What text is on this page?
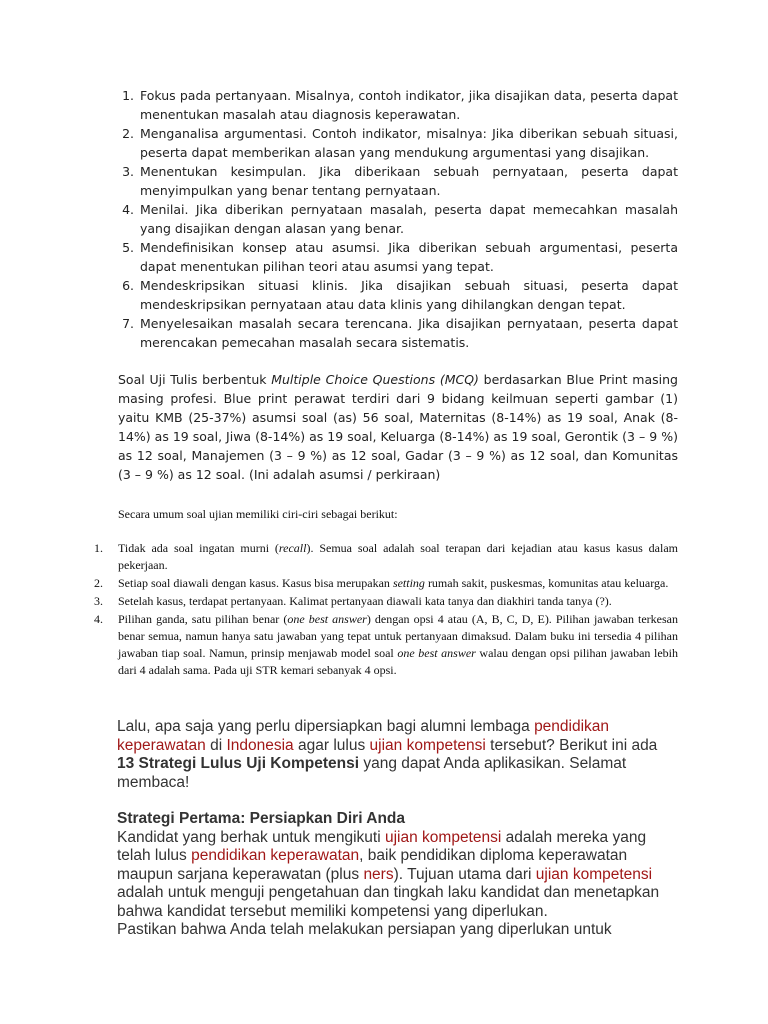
1. Fokus pada pertanyaan. Misalnya, contoh indikator, jika disajikan data, peserta dapat menentukan masalah atau diagnosis keperawatan.
2. Menganalisa argumentasi. Contoh indikator, misalnya: Jika diberikan sebuah situasi, peserta dapat memberikan alasan yang mendukung argumentasi yang disajikan.
3. Menentukan kesimpulan. Jika diberikaan sebuah pernyataan, peserta dapat menyimpulkan yang benar tentang pernyataan.
4. Menilai. Jika diberikan pernyataan masalah, peserta dapat memecahkan masalah yang disajikan dengan alasan yang benar.
5. Mendefinisikan konsep atau asumsi. Jika diberikan sebuah argumentasi, peserta dapat menentukan pilihan teori atau asumsi yang tepat.
6. Mendeskripsikan situasi klinis. Jika disajikan sebuah situasi, peserta dapat mendeskripsikan pernyataan atau data klinis yang dihilangkan dengan tepat.
7. Menyelesaikan masalah secara terencana. Jika disajikan pernyataan, peserta dapat merencakan pemecahan masalah secara sistematis.

Soal Uji Tulis berbentuk Multiple Choice Questions (MCQ) berdasarkan Blue Print masing masing profesi. Blue print perawat terdiri dari 9 bidang keilmuan seperti gambar (1) yaitu KMB (25-37%) asumsi soal (as) 56 soal, Maternitas (8-14%) as 19 soal, Anak (8-14%) as 19 soal, Jiwa (8-14%) as 19 soal, Keluarga (8-14%) as 19 soal, Gerontik (3 – 9 %) as 12 soal, Manajemen (3 – 9 %) as 12 soal, Gadar (3 – 9 %) as 12 soal, dan Komunitas (3 – 9 %) as 12 soal. (Ini adalah asumsi / perkiraan)

Secara umum soal ujian memiliki ciri-ciri sebagai berikut:
1. Tidak ada soal ingatan murni (recall). Semua soal adalah soal terapan dari kejadian atau kasus kasus dalam pekerjaan.
2. Setiap soal diawali dengan kasus. Kasus bisa merupakan setting rumah sakit, puskesmas, komunitas atau keluarga.
3. Setelah kasus, terdapat pertanyaan. Kalimat pertanyaan diawali kata tanya dan diakhiri tanda tanya (?).
4. Pilihan ganda, satu pilihan benar (one best answer) dengan opsi 4 atau (A, B, C, D, E). Pilihan jawaban terkesan benar semua, namun hanya satu jawaban yang tepat untuk pertanyaan dimaksud. Dalam buku ini tersedia 4 pilihan jawaban tiap soal. Namun, prinsip menjawab model soal one best answer walau dengan opsi pilihan jawaban lebih dari 4 adalah sama. Pada uji STR kemari sebanyak 4 opsi.

Lalu, apa saja yang perlu dipersiapkan bagi alumni lembaga pendidikan keperawatan di Indonesia agar lulus ujian kompetensi tersebut? Berikut ini ada 13 Strategi Lulus Uji Kompetensi yang dapat Anda aplikasikan. Selamat membaca!

Strategi Pertama: Persiapkan Diri Anda

Kandidat yang berhak untuk mengikuti ujian kompetensi adalah mereka yang telah lulus pendidikan keperawatan, baik pendidikan diploma keperawatan maupun sarjana keperawatan (plus ners). Tujuan utama dari ujian kompetensi adalah untuk menguji pengetahuan dan tingkah laku kandidat dan menetapkan bahwa kandidat tersebut memiliki kompetensi yang diperlukan.

Pastikan bahwa Anda telah melakukan persiapan yang diperlukan untuk
